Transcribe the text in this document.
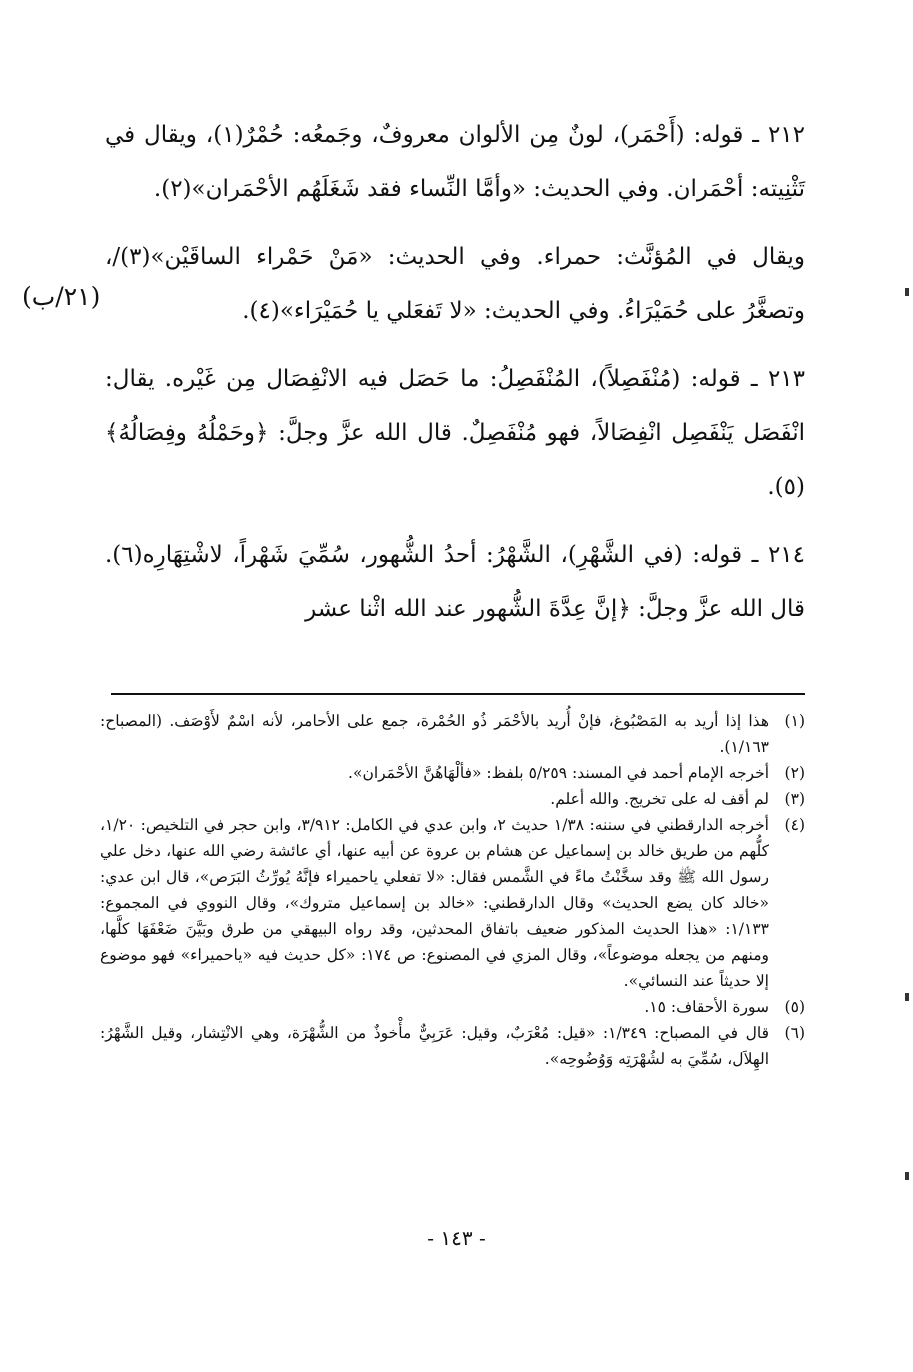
٢١٢ ـ قوله: (أَحْمَر)، لونٌ مِن الألوان معروفٌ، وجَمعُه: حُمْرٌ(١)، ويقال في تَثْنِيته: أحْمَران. وفي الحديث: «وأمَّا النِّساء فقد شَغَلَهُم الأحْمَران»(٢).

ويقال في المُؤنَّث: حمراء. وفي الحديث: «مَنْ حَمْراء الساقَيْن»(٣)/، وتصغَّرُ على حُمَيْرَاءُ. وفي الحديث: «لا تَفعَلي يا حُمَيْرَاء»(٤).

٢١٣ ـ قوله: (مُنْفَصِلاً)، المُنْفَصِلُ: ما حَصَل فيه الانْفِصَال مِن غَيْره. يقال: انْفَصَل يَنْفَصِل انْفِصَالاً، فهو مُنْفَصِلٌ. قال الله عزَّ وجلَّ: ﴿وحَمْلُهُ وفِصَالُهُ﴾(٥).

٢١٤ ـ قوله: (في الشَّهْرِ)، الشَّهْرُ: أحدُ الشُّهور، سُمِّيَ شَهْراً، لاشْتِهَارِه(٦). قال الله عزَّ وجلَّ: ﴿إنَّ عِدَّةَ الشُّهور عند الله اثْنا عشر

(٢١/ب)
(١)
هذا إذا أريد به المَصْبُوغ، فإنْ أُريد بالأحْمَر ذُو الحُمْرة، جمع على الأحامر، لأنه اسْمٌ لأَوْصَف. (المصباح: ١/١٦٣).
(٢)
أخرجه الإمام أحمد في المسند: ٥/٢٥٩ بلفظ: «فألْهَاهُنَّ الأحْمَران».
(٣)
لم أقف له على تخريج. والله أعلم.
(٤)
أخرجه الدارقطني في سننه: ١/٣٨ حديث ٢، وابن عدي في الكامل: ٣/٩١٢، وابن حجر في التلخيص: ١/٢٠، كلُّهم من طريق خالد بن إسماعيل عن هشام بن عروة عن أبيه عنها، أي عائشة رضي الله عنها، دخل علي رسول الله ﷺ وقد سخَّنْتُ ماءً في الشَّمس فقال: «لا تفعلي ياحميراء فإنَّهُ يُورِّثُ البَرَص»، قال ابن عدي: «خالد كان يضع الحديث» وقال الدارقطني: «خالد بن إسماعيل متروك»، وقال النووي في المجموع: ١/١٣٣: «هذا الحديث المذكور ضعيف باتفاق المحدثين، وقد رواه البيهقي من طرق وبَيَّنَ ضَعْفَهَا كلَّها، ومنهم من يجعله موضوعاً»، وقال المزي في المصنوع: ص ١٧٤: «كل حديث فيه «ياحميراء» فهو موضوع إلا حديثاً عند النسائي».
(٥)
سورة الأحقاف: ١٥.
(٦)
قال في المصباح: ١/٣٤٩: «قيل: مُعْرَبٌ، وقيل: عَرَبِيٌّ مأْخوذٌ من الشُّهْرَة، وهي الانْتِشار، وقيل الشَّهْرُ: الهِلاَل، سُمِّيَ به لشُهْرَتِه وَوُضُوحِه».
- ١٤٣ -
